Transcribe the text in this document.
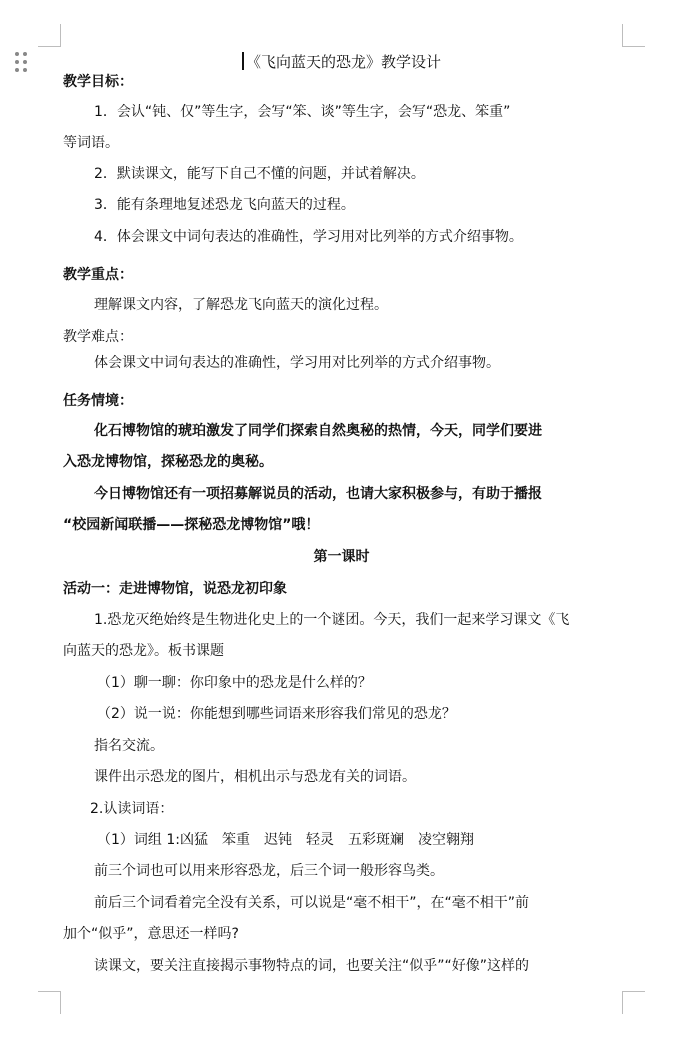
《飞向蓝天的恐龙》教学设计
教学目标：
1．会认“钝、仅”等生字，会写“笨、谈”等生字，会写“恐龙、笨重”
等词语。
2．默读课文，能写下自己不懂的问题，并试着解决。
3．能有条理地复述恐龙飞向蓝天的过程。
4．体会课文中词句表达的准确性，学习用对比列举的方式介绍事物。
教学重点：
理解课文内容，了解恐龙飞向蓝天的演化过程。
教学难点：
体会课文中词句表达的准确性，学习用对比列举的方式介绍事物。
任务情境：
化石博物馆的琥珀激发了同学们探索自然奥秘的热情，今天，同学们要进
入恐龙博物馆，探秘恐龙的奥秘。
今日博物馆还有一项招募解说员的活动，也请大家积极参与，有助于播报
“校园新闻联播——探秘恐龙博物馆”哦！
第一课时
活动一：走进博物馆，说恐龙初印象
1.恐龙灭绝始终是生物进化史上的一个谜团。今天，我们一起来学习课文《飞
向蓝天的恐龙》。板书课题
（1）聊一聊：你印象中的恐龙是什么样的？
（2）说一说：你能想到哪些词语来形容我们常见的恐龙？
指名交流。
课件出示恐龙的图片，相机出示与恐龙有关的词语。
2.认读词语：
（1）词组 1:凶猛　笨重　迟钝　轻灵　五彩斑斓　凌空翱翔
前三个词也可以用来形容恐龙，后三个词一般形容鸟类。
前后三个词看着完全没有关系，可以说是“毫不相干”，在“毫不相干”前
加个“似乎”，意思还一样吗?
读课文，要关注直接揭示事物特点的词，也要关注“似乎”“好像”这样的
